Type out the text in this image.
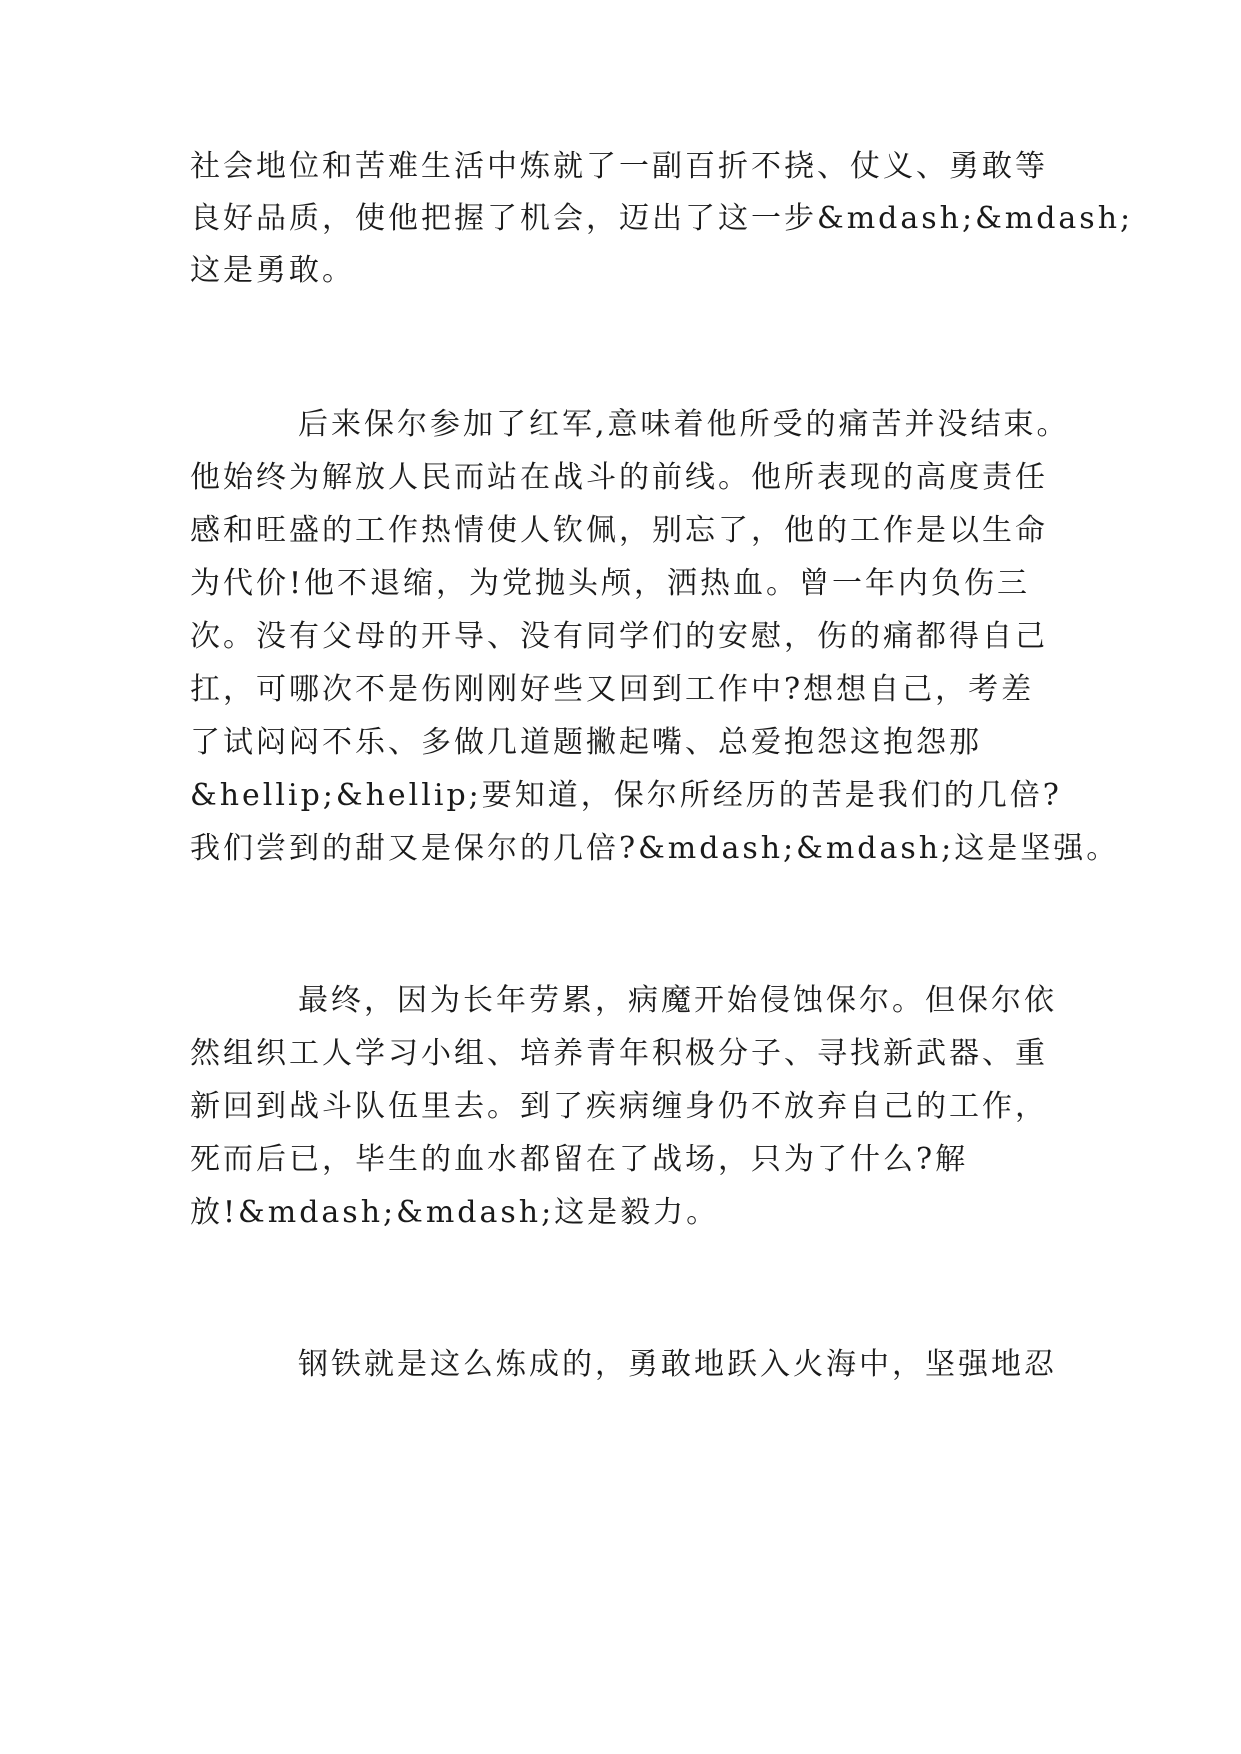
社会地位和苦难生活中炼就了一副百折不挠、仗义、勇敢等
良好品质，使他把握了机会，迈出了这一步&mdash;&mdash;
这是勇敢。
后来保尔参加了红军,意味着他所受的痛苦并没结束。
他始终为解放人民而站在战斗的前线。他所表现的高度责任
感和旺盛的工作热情使人钦佩，别忘了，他的工作是以生命
为代价!他不退缩，为党抛头颅，洒热血。曾一年内负伤三
次。没有父母的开导、没有同学们的安慰，伤的痛都得自己
扛，可哪次不是伤刚刚好些又回到工作中?想想自己，考差
了试闷闷不乐、多做几道题撇起嘴、总爱抱怨这抱怨那
&hellip;&hellip;要知道，保尔所经历的苦是我们的几倍?
我们尝到的甜又是保尔的几倍?&mdash;&mdash;这是坚强。
最终，因为长年劳累，病魔开始侵蚀保尔。但保尔依
然组织工人学习小组、培养青年积极分子、寻找新武器、重
新回到战斗队伍里去。到了疾病缠身仍不放弃自己的工作，
死而后已，毕生的血水都留在了战场，只为了什么?解
放!&mdash;&mdash;这是毅力。
钢铁就是这么炼成的，勇敢地跃入火海中，坚强地忍
